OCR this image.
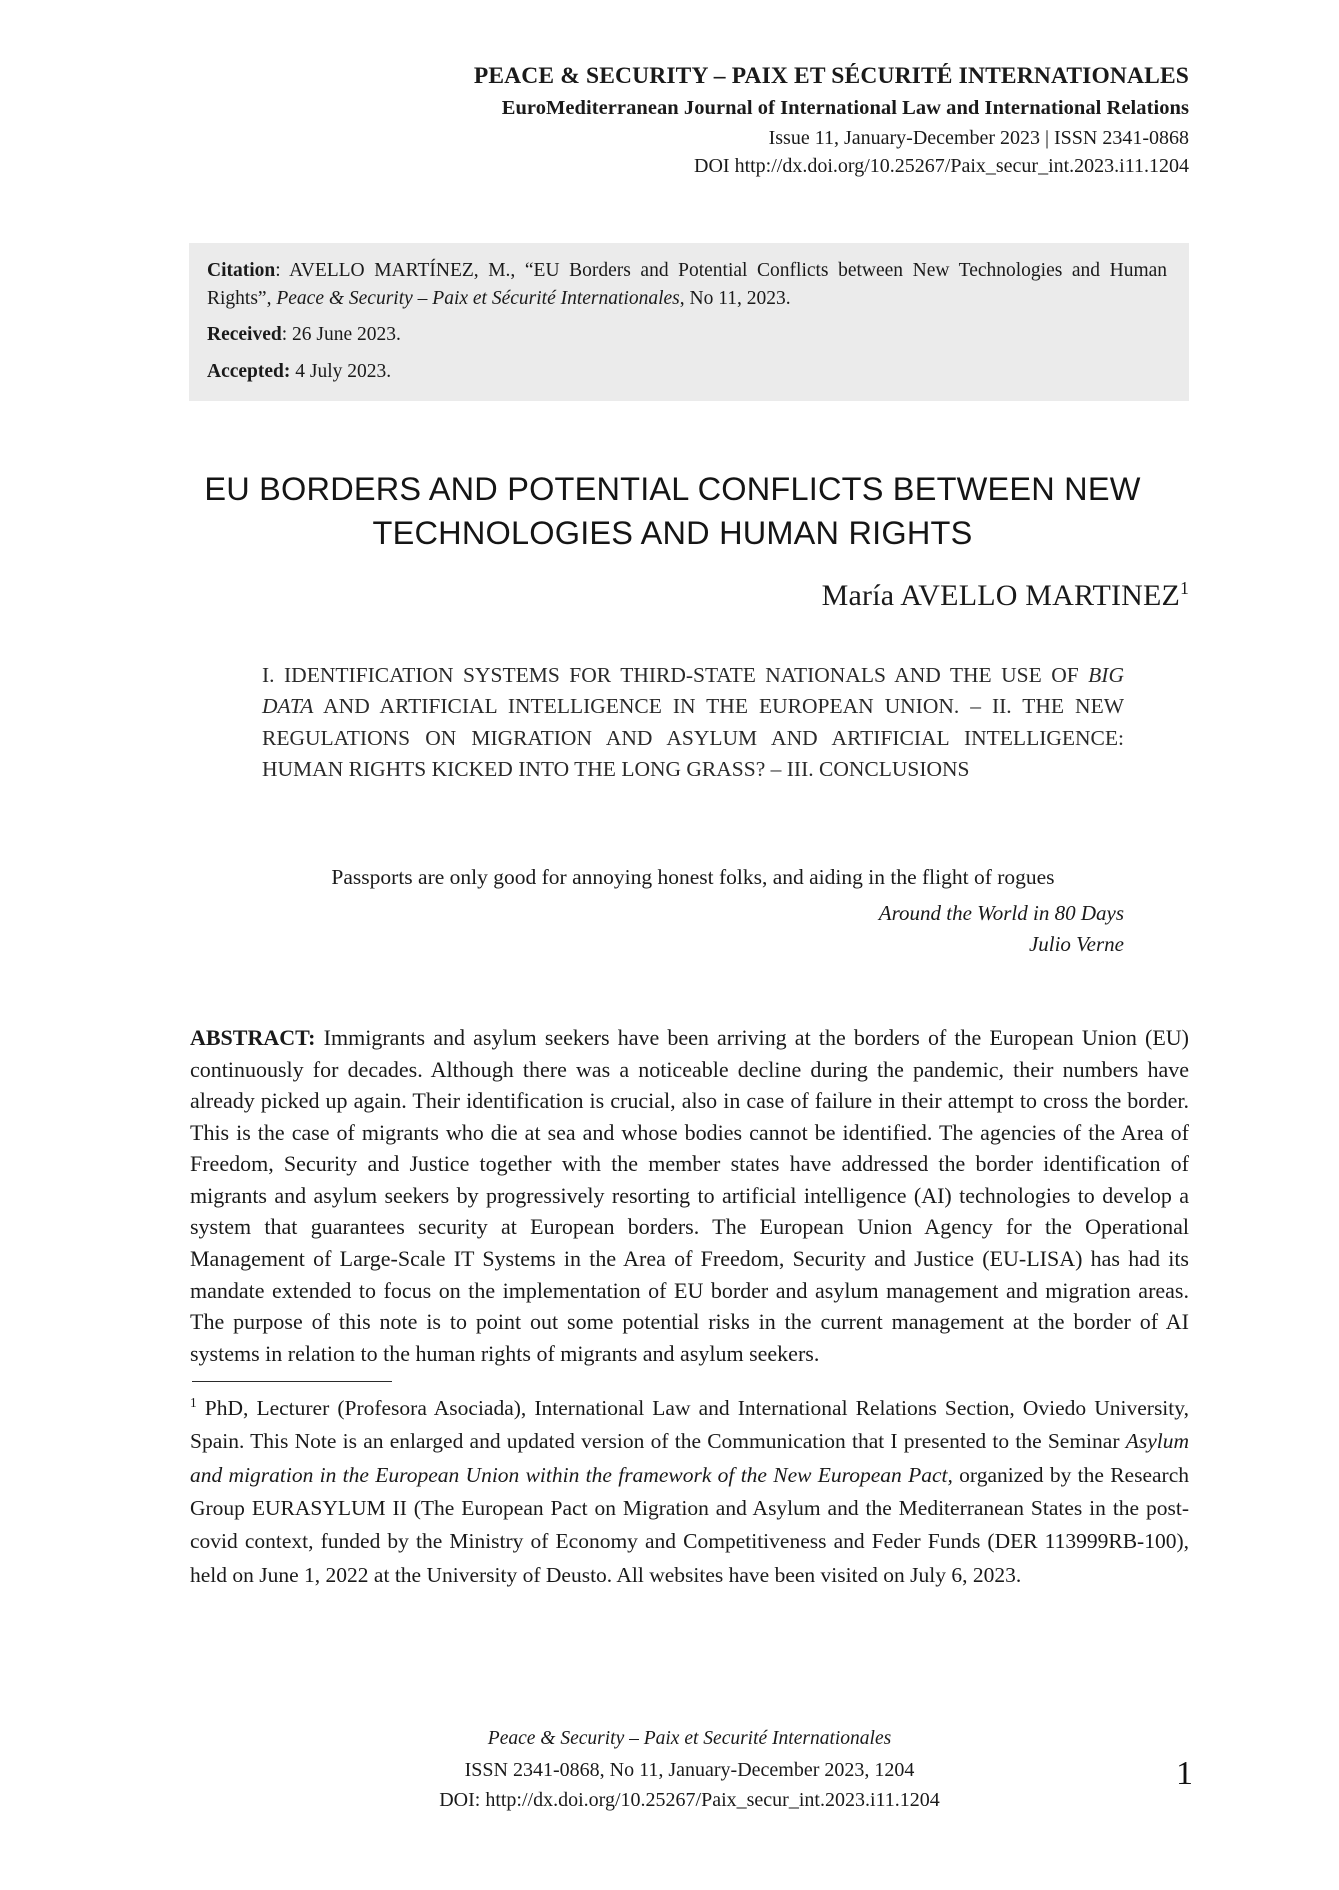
PEACE & SECURITY – PAIX ET SÉCURITÉ INTERNATIONALES
EuroMediterranean Journal of International Law and International Relations
Issue 11, January-December 2023 | ISSN 2341-0868
DOI http://dx.doi.org/10.25267/Paix_secur_int.2023.i11.1204
Citation: AVELLO MARTÍNEZ, M., “EU Borders and Potential Conflicts between New Technologies and Human Rights”, Peace & Security – Paix et Sécurité Internationales, No 11, 2023.
Received: 26 June 2023.
Accepted: 4 July 2023.
EU BORDERS AND POTENTIAL CONFLICTS BETWEEN NEW TECHNOLOGIES AND HUMAN RIGHTS
María AVELLO MARTINEZ$^1$
I. IDENTIFICATION SYSTEMS FOR THIRD-STATE NATIONALS AND THE USE OF BIG DATA AND ARTIFICIAL INTELLIGENCE IN THE EUROPEAN UNION. – II. THE NEW REGULATIONS ON MIGRATION AND ASYLUM AND ARTIFICIAL INTELLIGENCE: HUMAN RIGHTS KICKED INTO THE LONG GRASS? – III. CONCLUSIONS
Passports are only good for annoying honest folks, and aiding in the flight of rogues
Around the World in 80 Days
Julio Verne
ABSTRACT: Immigrants and asylum seekers have been arriving at the borders of the European Union (EU) continuously for decades. Although there was a noticeable decline during the pandemic, their numbers have already picked up again. Their identification is crucial, also in case of failure in their attempt to cross the border. This is the case of migrants who die at sea and whose bodies cannot be identified. The agencies of the Area of Freedom, Security and Justice together with the member states have addressed the border identification of migrants and asylum seekers by progressively resorting to artificial intelligence (AI) technologies to develop a system that guarantees security at European borders. The European Union Agency for the Operational Management of Large-Scale IT Systems in the Area of Freedom, Security and Justice (EU-LISA) has had its mandate extended to focus on the implementation of EU border and asylum management and migration areas. The purpose of this note is to point out some potential risks in the current management at the border of AI systems in relation to the human rights of migrants and asylum seekers.
$^1$ PhD, Lecturer (Profesora Asociada), International Law and International Relations Section, Oviedo University, Spain. This Note is an enlarged and updated version of the Communication that I presented to the Seminar Asylum and migration in the European Union within the framework of the New European Pact, organized by the Research Group EURASYLUM II (The European Pact on Migration and Asylum and the Mediterranean States in the post-covid context, funded by the Ministry of Economy and Competitiveness and Feder Funds (DER 113999RB-100), held on June 1, 2022 at the University of Deusto. All websites have been visited on July 6, 2023.
Peace & Security – Paix et Securité Internationales
ISSN 2341-0868, No 11, January-December 2023, 1204
DOI: http://dx.doi.org/10.25267/Paix_secur_int.2023.i11.1204
1
